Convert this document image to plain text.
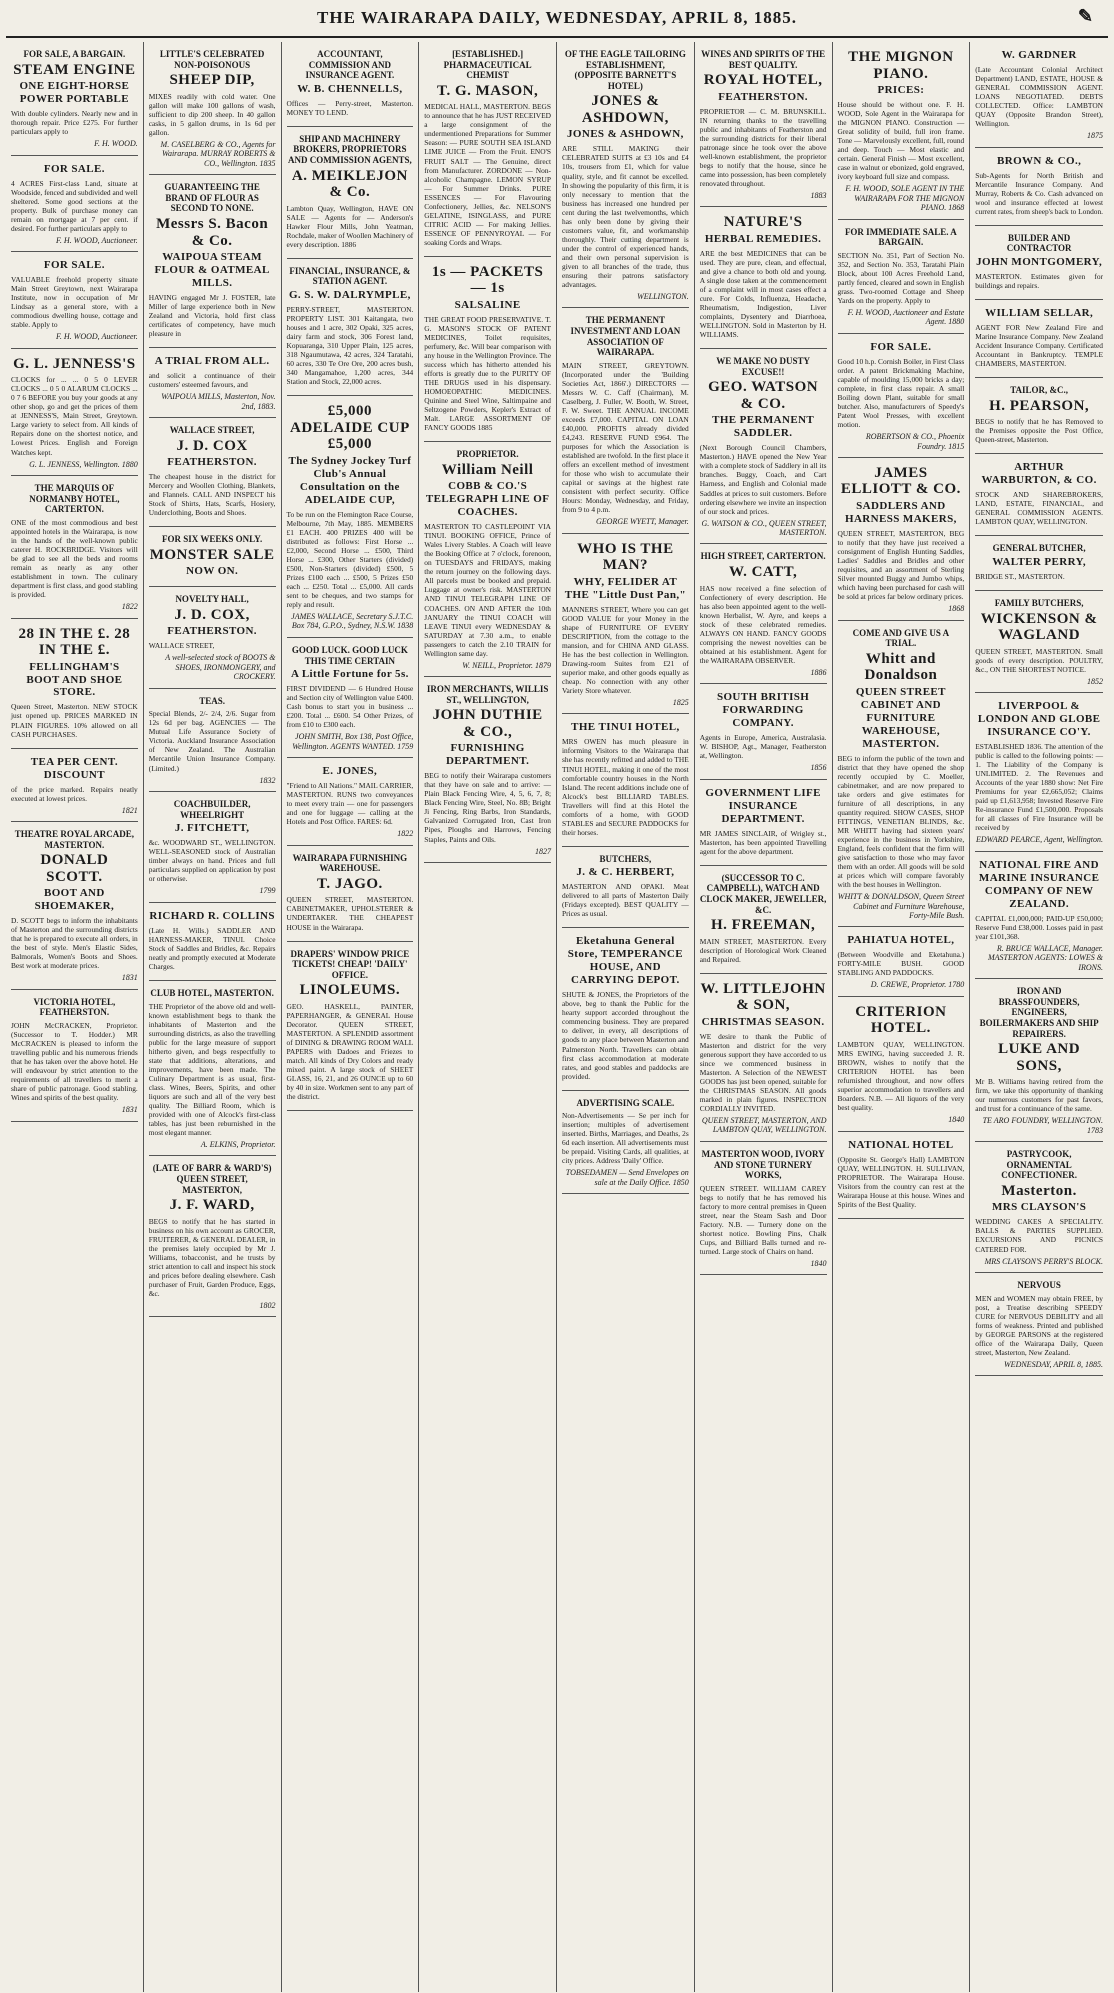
THE WAIRARAPA DAILY, WEDNESDAY, APRIL 8, 1885.	✎
FOR SALE, A BARGAIN.
STEAM ENGINE
ONE EIGHT-HORSE POWER PORTABLE
With double cylinders. Nearly new and in thorough repair. Price £275. For further particulars apply to
F. H. WOOD.
FOR SALE.
4 ACRES First-class Land, situate at Woodside, fenced and subdivided and well sheltered. Some good sections at the property. Bulk of purchase money can remain on mortgage at 7 per cent. if desired. For further particulars apply to
F. H. WOOD, Auctioneer.
FOR SALE.
VALUABLE freehold property situate Main Street Greytown, next Wairarapa Institute, now in occupation of Mr Lindsay as a general store, with a commodious dwelling house, cottage and stable. Apply to
F. H. WOOD, Auctioneer.
G. L. JENNESS'S
CLOCKS for ... ... 0 5 0 LEVER CLOCKS ... 0 5 0 ALARUM CLOCKS ... 0 7 6 BEFORE you buy your goods at any other shop, go and get the prices of them at JENNESS'S, Main Street, Greytown. Large variety to select from. All kinds of Repairs done on the shortest notice, and Lowest Prices. English and Foreign Watches kept.
G. L. JENNESS, Wellington. 1880
THE MARQUIS OF NORMANBY HOTEL, CARTERTON.
ONE of the most commodious and best appointed hotels in the Wairarapa, is now in the hands of the well-known public caterer H. ROCKBRIDGE. Visitors will be glad to see all the beds and rooms remain as nearly as any other establishment in town. The culinary department is first class, and good stabling is provided.
1822
28 IN THE £. 28 IN THE £.
FELLINGHAM'S BOOT AND SHOE STORE.
Queen Street, Masterton. NEW STOCK just opened up. PRICES MARKED IN PLAIN FIGURES. 10% allowed on all CASH PURCHASES.
TEA PER CENT. DISCOUNT
of the price marked. Repairs neatly executed at lowest prices.
1821
THEATRE ROYAL ARCADE, MASTERTON.
DONALD SCOTT.
BOOT AND SHOEMAKER,
D. SCOTT begs to inform the inhabitants of Masterton and the surrounding districts that he is prepared to execute all orders, in the best of style. Men's Elastic Sides, Balmorals, Women's Boots and Shoes. Best work at moderate prices.
1831
VICTORIA HOTEL, FEATHERSTON.
JOHN McCRACKEN, Proprietor. (Successor to T. Hodder.) MR McCRACKEN is pleased to inform the travelling public and his numerous friends that he has taken over the above hotel. He will endeavour by strict attention to the requirements of all travellers to merit a share of public patronage. Good stabling. Wines and spirits of the best quality.
1831
LITTLE'S CELEBRATED NON-POISONOUS
SHEEP DIP,
MIXES readily with cold water. One gallon will make 100 gallons of wash, sufficient to dip 200 sheep. In 40 gallon casks, in 5 gallon drums, in 1s 6d per gallon.
M. CASELBERG & CO., Agents for Wairarapa. MURRAY ROBERTS & CO., Wellington. 1835
GUARANTEEING THE BRAND OF FLOUR AS SECOND TO NONE.
Messrs S. Bacon & Co.
WAIPOUA STEAM FLOUR & OATMEAL MILLS.
HAVING engaged Mr J. FOSTER, late Miller of large experience both in New Zealand and Victoria, hold first class certificates of competency, have much pleasure in
A TRIAL FROM ALL.
and solicit a continuance of their customers' esteemed favours, and
WAIPOUA MILLS, Masterton, Nov. 2nd, 1883.
WALLACE STREET,
J. D. COX
FEATHERSTON.
The cheapest house in the district for Mercery and Woollen Clothing, Blankets, and Flannels. CALL AND INSPECT his Stock of Shirts, Hats, Scarfs, Hosiery, Underclothing, Boots and Shoes.
FOR SIX WEEKS ONLY.
MONSTER SALE
NOW ON.
NOVELTY HALL,
J. D. COX,
FEATHERSTON.
WALLACE STREET,
A well-selected stock of BOOTS & SHOES, IRONMONGERY, and CROCKERY.
TEAS.
Special Blends, 2/- 2/4, 2/6. Sugar from 12s 6d per bag. AGENCIES — The Mutual Life Assurance Society of Victoria. Auckland Insurance Association of New Zealand. The Australian Mercantile Union Insurance Company. (Limited.)
1832
COACHBUILDER, WHEELRIGHT
J. FITCHETT,
&c. WOODWARD ST., WELLINGTON. WELL-SEASONED stock of Australian timber always on hand. Prices and full particulars supplied on application by post or otherwise.
1799
RICHARD R. COLLINS
(Late H. Wills.) SADDLER AND HARNESS-MAKER, TINUI. Choice Stock of Saddles and Bridles, &c. Repairs neatly and promptly executed at Moderate Charges.
CLUB HOTEL, MASTERTON.
THE Proprietor of the above old and well-known establishment begs to thank the inhabitants of Masterton and the surrounding districts, as also the travelling public for the large measure of support hitherto given, and begs respectfully to state that additions, alterations, and improvements, have been made. The Culinary Department is as usual, first-class. Wines, Beers, Spirits, and other liquors are such and all of the very best quality. The Billiard Room, which is provided with one of Alcock's first-class tables, has just been reburnished in the most elegant manner.
A. ELKINS, Proprietor.
(LATE OF BARR & WARD'S) QUEEN STREET, MASTERTON,
J. F. WARD,
BEGS to notify that he has started in business on his own account as GROCER, FRUITERER, & GENERAL DEALER, in the premises lately occupied by Mr J. Williams, tobacconist, and he trusts by strict attention to call and inspect his stock and prices before dealing elsewhere. Cash purchaser of Fruit, Garden Produce, Eggs, &c.
1802
ACCOUNTANT, COMMISSION AND INSURANCE AGENT.
W. B. CHENNELLS,
Offices — Perry-street, Masterton. MONEY TO LEND.
SHIP AND MACHINERY BROKERS, PROPRIETORS AND COMMISSION AGENTS,
A. MEIKLEJON & Co.
Lambton Quay, Wellington, HAVE ON SALE — Agents for — Anderson's Hawker Flour Mills, John Yeatman, Rochdale, maker of Woollen Machinery of every description. 1886
FINANCIAL, INSURANCE, & STATION AGENT.
G. S. W. DALRYMPLE,
PERRY-STREET, MASTERTON. PROPERTY LIST. 301 Kaitangata, two houses and 1 acre, 302 Opaki, 325 acres, dairy farm and stock, 306 Forest land, Kopuaranga, 310 Upper Plain, 125 acres, 318 Ngaumutawa, 42 acres, 324 Taratahi, 60 acres, 330 Te Ore Ore, 200 acres bush, 340 Mangamahoe, 1,200 acres, 344 Station and Stock, 22,000 acres.
£5,000 ADELAIDE CUP £5,000
The Sydney Jockey Turf Club's Annual Consultation on the ADELAIDE CUP,
To be run on the Flemington Race Course, Melbourne, 7th May, 1885. MEMBERS £1 EACH. 400 PRIZES 400 will be distributed as follows: First Horse ... £2,000, Second Horse ... £500, Third Horse ... £300, Other Starters (divided) £500, Non-Starters (divided) £500, 5 Prizes £100 each ... £500, 5 Prizes £50 each ... £250. Total ... £5,000. All cards sent to be cheques, and two stamps for reply and result.
JAMES WALLACE, Secretary S.J.T.C. Box 784, G.P.O., Sydney, N.S.W. 1838
GOOD LUCK. GOOD LUCK THIS TIME CERTAIN
A Little Fortune for 5s.
FIRST DIVIDEND — 6 Hundred House and Section city of Wellington value £400. Cash bonus to start you in business ... £200. Total ... £600. 54 Other Prizes, of from £10 to £300 each.
JOHN SMITH, Box 138, Post Office, Wellington. AGENTS WANTED. 1759
E. JONES,
"Friend to All Nations." MAIL CARRIER, MASTERTON. RUNS two conveyances to meet every train — one for passengers and one for luggage — calling at the Hotels and Post Office. FARES: 6d.
1822
WAIRARAPA FURNISHING WAREHOUSE.
T. JAGO.
QUEEN STREET, MASTERTON. CABINETMAKER, UPHOLSTERER & UNDERTAKER. THE CHEAPEST HOUSE in the Wairarapa.
DRAPERS' WINDOW PRICE TICKETS! CHEAP! 'DAILY' OFFICE.
LINOLEUMS.
GEO. HASKELL, PAINTER, PAPERHANGER, & GENERAL House Decorator. QUEEN STREET, MASTERTON. A SPLENDID assortment of DINING & DRAWING ROOM WALL PAPERS with Dadoes and Friezes to match. All kinds of Dry Colors and ready mixed paint. A large stock of SHEET GLASS, 16, 21, and 26 OUNCE up to 60 by 40 in size. Workmen sent to any part of the district.
[ESTABLISHED.] PHARMACEUTICAL CHEMIST
T. G. MASON,
MEDICAL HALL, MASTERTON. BEGS to announce that he has JUST RECEIVED a large consignment of the undermentioned Preparations for Summer Season: — PURE SOUTH SEA ISLAND LIME JUICE — From the Fruit. ENO'S FRUIT SALT — The Genuine, direct from Manufacturer. ZORDONE — Non-alcoholic Champagne. LEMON SYRUP — For Summer Drinks. PURE ESSENCES — For Flavouring Confectionery, Jellies, &c. NELSON'S GELATINE, ISINGLASS, and PURE CITRIC ACID — For making Jellies. ESSENCE OF PENNYROYAL — For soaking Cords and Wraps.
1s — PACKETS — 1s
SALSALINE
THE GREAT FOOD PRESERVATIVE. T. G. MASON'S STOCK OF PATENT MEDICINES, Toilet requisites, perfumery, &c. Will bear comparison with any house in the Wellington Province. The success which has hitherto attended his efforts is greatly due to the PURITY OF THE DRUGS used in his dispensary. HOMOEOPATHIC MEDICINES. Quinine and Steel Wine, Saltimpaine and Seltzogene Powders, Kepler's Extract of Malt. LARGE ASSORTMENT OF FANCY GOODS 1885
PROPRIETOR.
William Neill
COBB & CO.'S TELEGRAPH LINE OF COACHES.
MASTERTON TO CASTLEPOINT VIA TINUI. BOOKING OFFICE, Prince of Wales Livery Stables. A Coach will leave the Booking Office at 7 o'clock, forenoon, on TUESDAYS and FRIDAYS, making the return journey on the following days. All parcels must be booked and prepaid. Luggage at owner's risk. MASTERTON AND TINUI TELEGRAPH LINE OF COACHES. ON AND AFTER the 10th JANUARY the TINUI COACH will LEAVE TINUI every WEDNESDAY & SATURDAY at 7.30 a.m., to enable passengers to catch the 2.10 TRAIN for Wellington same day.
W. NEILL, Proprietor. 1879
IRON MERCHANTS, WILLIS ST., WELLINGTON,
JOHN DUTHIE & CO.,
FURNISHING DEPARTMENT.
BEG to notify their Wairarapa customers that they have on sale and to arrive: — Plain Black Fencing Wire, 4, 5, 6, 7, 8; Black Fencing Wire, Steel, No. 8B; Bright Ji Fencing, Ring Barbs, Iron Standards, Galvanized Corrugated Iron, Cast Iron Pipes, Ploughs and Harrows, Fencing Staples, Paints and Oils.
1827
OF THE EAGLE TAILORING ESTABLISHMENT, (OPPOSITE BARNETT'S HOTEL)
JONES & ASHDOWN,
JONES & ASHDOWN,
ARE STILL MAKING their CELEBRATED SUITS at £3 10s and £4 10s, trousers from £1, which for value quality, style, and fit cannot be excelled. In showing the popularity of this firm, it is only necessary to mention that the business has increased one hundred per cent during the last twelvemonths, which has only been done by giving their customers value, fit, and workmanship thoroughly. Their cutting department is under the control of experienced hands, and their own personal supervision is given to all branches of the trade, thus ensuring their patrons satisfactory advantages.
WELLINGTON.
THE PERMANENT INVESTMENT AND LOAN ASSOCIATION OF WAIRARAPA.
MAIN STREET, GREYTOWN. (Incorporated under the 'Building Societies Act, 1866'.) DIRECTORS — Messrs W. C. Caff (Chairman), M. Caselberg, J. Fuller, W. Booth, W. Street, F. W. Sweet. THE ANNUAL INCOME exceeds £7,000. CAPITAL ON LOAN £40,000. PROFITS already divided £4,243. RESERVE FUND £964. The purposes for which the Association is established are twofold. In the first place it offers an excellent method of investment for those who wish to accumulate their capital or savings at the highest rate consistent with perfect security. Office Hours: Monday, Wednesday, and Friday, from 9 to 4 p.m.
GEORGE WYETT, Manager.
WHO IS THE MAN?
WHY, FELIDER AT THE "Little Dust Pan,"
MANNERS STREET, Where you can get GOOD VALUE for your Money in the shape of FURNITURE OF EVERY DESCRIPTION, from the cottage to the mansion, and for CHINA AND GLASS. He has the best collection in Wellington. Drawing-room Suites from £21 of superior make, and other goods equally as cheap. No connection with any other Variety Store whatever.
1825
THE TINUI HOTEL,
MRS OWEN has much pleasure in informing Visitors to the Wairarapa that she has recently refitted and added to THE TINUI HOTEL, making it one of the most comfortable country houses in the North Island. The recent additions include one of Alcock's best BILLIARD TABLES. Travellers will find at this Hotel the comforts of a home, with GOOD STABLES and SECURE PADDOCKS for their horses.
BUTCHERS,
J. & C. HERBERT,
MASTERTON AND OPAKI. Meat delivered to all parts of Masterton Daily (Fridays excepted). BEST QUALITY — Prices as usual.
Eketahuna General Store, TEMPERANCE HOUSE, AND CARRYING DEPOT.
SHUTE & JONES, the Proprietors of the above, beg to thank the Public for the hearty support accorded throughout the commencing business. They are prepared to deliver, in every, all descriptions of goods to any place between Masterton and Palmerston North. Travellers can obtain first class accommodation at moderate rates, and good stables and paddocks are provided.
ADVERTISING SCALE.
Non-Advertisements — Se per inch for insertion; multiples of advertisement inserted. Births, Marriages, and Deaths, 2s 6d each insertion. All advertisements must be prepaid. Visiting Cards, all qualities, at city prices. Address 'Daily' Office.
TOBSEDAMEN — Send Envelopes on sale at the Daily Office. 1850
WINES AND SPIRITS OF THE BEST QUALITY.
ROYAL HOTEL,
FEATHERSTON.
PROPRIETOR — C. M. BRUNSKILL. IN returning thanks to the travelling public and inhabitants of Featherston and the surrounding districts for their liberal patronage since he took over the above well-known establishment, the proprietor begs to notify that the house, since he came into possession, has been completely renovated throughout.
1883
NATURE'S
HERBAL REMEDIES.
ARE the best MEDICINES that can be used. They are pure, clean, and effectual, and give a chance to both old and young. A single dose taken at the commencement of a complaint will in most cases effect a cure. For Colds, Influenza, Headache, Rheumatism, Indigestion, Liver complaints, Dysentery and Diarrhoea, WELLINGTON. Sold in Masterton by H. WILLIAMS.
WE MAKE NO DUSTY EXCUSE!!
GEO. WATSON & CO.
THE PERMANENT SADDLER.
(Next Borough Council Chambers, Masterton.) HAVE opened the New Year with a complete stock of Saddlery in all its branches. Buggy, Coach, and Cart Harness, and English and Colonial made Saddles at prices to suit customers. Before ordering elsewhere we invite an inspection of our stock and prices.
G. WATSON & CO., QUEEN STREET, MASTERTON.
HIGH STREET, CARTERTON.
W. CATT,
HAS now received a fine selection of Confectionery of every description. He has also been appointed agent to the well-known Herbalist, W. Ayre, and keeps a stock of these celebrated remedies. ALWAYS ON HAND. FANCY GOODS comprising the newest novelties can be obtained at his establishment. Agent for the WAIRARAPA OBSERVER.
1886
SOUTH BRITISH FORWARDING COMPANY.
Agents in Europe, America, Australasia. W. BISHOP, Agt., Manager, Featherston at, Wellington.
1856
GOVERNMENT LIFE INSURANCE DEPARTMENT.
MR JAMES SINCLAIR, of Wrigley st., Masterton, has been appointed Travelling agent for the above department.
(SUCCESSOR TO C. CAMPBELL), WATCH AND CLOCK MAKER, JEWELLER, &C.
H. FREEMAN,
MAIN STREET, MASTERTON. Every description of Horological Work Cleaned and Repaired.
W. LITTLEJOHN & SON,
CHRISTMAS SEASON.
WE desire to thank the Public of Masterton and district for the very generous support they have accorded to us since we commenced business in Masterton. A Selection of the NEWEST GOODS has just been opened, suitable for the CHRISTMAS SEASON. All goods marked in plain figures. INSPECTION CORDIALLY INVITED.
QUEEN STREET, MASTERTON, AND LAMBTON QUAY, WELLINGTON.
MASTERTON WOOD, IVORY AND STONE TURNERY WORKS,
QUEEN STREET. WILLIAM CAREY begs to notify that he has removed his factory to more central premises in Queen street, near the Steam Sash and Door Factory. N.B. — Turnery done on the shortest notice. Bowling Pins, Chalk Cups, and Billiard Balls turned and re-turned. Large stock of Chairs on hand.
1840
THE MIGNON PIANO.
PRICES:
House should be without one. F. H. WOOD, Sole Agent in the Wairarapa for the MIGNON PIANO. Construction — Great solidity of build, full iron frame. Tone — Marvelously excellent, full, round and deep. Touch — Most elastic and certain. General Finish — Most excellent, case in walnut or ebonized, gold engraved, ivory keyboard full size and compass.
F. H. WOOD, SOLE AGENT IN THE WAIRARAPA FOR THE MIGNON PIANO. 1868
FOR IMMEDIATE SALE. A BARGAIN.
SECTION No. 351, Part of Section No. 352, and Section No. 353, Taratahi Plain Block, about 100 Acres Freehold Land, partly fenced, cleared and sown in English grass. Two-roomed Cottage and Sheep Yards on the property. Apply to
F. H. WOOD, Auctioneer and Estate Agent. 1880
FOR SALE.
Good 10 h.p. Cornish Boiler, in First Class order. A patent Brickmaking Machine, capable of moulding 15,000 bricks a day; complete, in first class repair. A small Boiling down Plant, suitable for small butcher. Also, manufacturers of Speedy's Patent Wool Presses, with excellent motion.
ROBERTSON & CO., Phoenix Foundry. 1815
JAMES ELLIOTT & CO.
SADDLERS AND HARNESS MAKERS,
QUEEN STREET, MASTERTON, BEG to notify that they have just received a consignment of English Hunting Saddles, Ladies' Saddles and Bridles and other requisites, and an assortment of Sterling Silver mounted Buggy and Jumbo whips, which having been purchased for cash will be sold at prices far below ordinary prices.
1868
COME AND GIVE US A TRIAL.
Whitt and Donaldson
QUEEN STREET CABINET AND FURNITURE WAREHOUSE, MASTERTON.
BEG to inform the public of the town and district that they have opened the shop recently occupied by C. Moeller, cabinetmaker, and are now prepared to take orders and give estimates for furniture of all descriptions, in any quantity required. SHOW CASES, SHOP FITTINGS, VENETIAN BLINDS, &c. MR WHITT having had sixteen years' experience in the business in Yorkshire, England, feels confident that the firm will give satisfaction to those who may favor them with an order. All goods will be sold at prices which will compare favorably with the best houses in Wellington.
WHITT & DONALDSON, Queen Street Cabinet and Furniture Warehouse, Forty-Mile Bush.
PAHIATUA HOTEL,
(Between Woodville and Eketahuna.) FORTY-MILE BUSH. GOOD STABLING AND PADDOCKS.
D. CREWE, Proprietor. 1780
CRITERION HOTEL.
LAMBTON QUAY, WELLINGTON. MRS EWING, having succeeded J. R. BROWN, wishes to notify that the CRITERION HOTEL has been refurnished throughout, and now offers superior accommodation to travellers and Boarders. N.B. — All liquors of the very best quality.
1840
NATIONAL HOTEL
(Opposite St. George's Hall) LAMBTON QUAY, WELLINGTON. H. SULLIVAN, PROPRIETOR. The Wairarapa House. Visitors from the country can rest at the Wairarapa House at this house. Wines and Spirits of the Best Quality.
W. GARDNER
(Late Accountant Colonial Architect Department) LAND, ESTATE, HOUSE & GENERAL COMMISSION AGENT. LOANS NEGOTIATED. DEBTS COLLECTED. Office: LAMBTON QUAY (Opposite Brandon Street), Wellington.
1875
BROWN & CO.,
Sub-Agents for North British and Mercantile Insurance Company. And Murray, Roberts & Co. Cash advanced on wool and insurance effected at lowest current rates, from sheep's back to London.
BUILDER AND CONTRACTOR
JOHN MONTGOMERY,
MASTERTON. Estimates given for buildings and repairs.
WILLIAM SELLAR,
AGENT FOR New Zealand Fire and Marine Insurance Company. New Zealand Accident Insurance Company. Certificated Accountant in Bankruptcy. TEMPLE CHAMBERS, MASTERTON.
TAILOR, &C.,
H. PEARSON,
BEGS to notify that he has Removed to the Premises opposite the Post Office, Queen-street, Masterton.
ARTHUR WARBURTON, & CO.
STOCK AND SHAREBROKERS, LAND, ESTATE, FINANCIAL, and GENERAL COMMISSION AGENTS. LAMBTON QUAY, WELLINGTON.
GENERAL BUTCHER,
WALTER PERRY,
BRIDGE ST., MASTERTON.
FAMILY BUTCHERS,
WICKENSON & WAGLAND
QUEEN STREET, MASTERTON. Small goods of every description. POULTRY, &c., ON THE SHORTEST NOTICE.
1852
LIVERPOOL & LONDON AND GLOBE INSURANCE CO'Y.
ESTABLISHED 1836. The attention of the public is called to the following points: — 1. The Liability of the Company is UNLIMITED. 2. The Revenues and Accounts of the year 1880 show: Net Fire Premiums for year £2,665,052; Claims paid up £1,613,958; Invested Reserve Fire Re-insurance Fund £1,500,000. Proposals for all classes of Fire Insurance will be received by
EDWARD PEARCE, Agent, Wellington.
NATIONAL FIRE AND MARINE INSURANCE COMPANY OF NEW ZEALAND.
CAPITAL £1,000,000; PAID-UP £50,000; Reserve Fund £38,000. Losses paid in past year £101,368.
R. BRUCE WALLACE, Manager. MASTERTON AGENTS: LOWES & IRONS.
IRON AND BRASSFOUNDERS, ENGINEERS, BOILERMAKERS AND SHIP REPAIRERS.
LUKE AND SONS,
Mr B. Williams having retired from the firm, we take this opportunity of thanking our numerous customers for past favors, and trust for a continuance of the same.
TE ARO FOUNDRY, WELLINGTON. 1783
PASTRYCOOK, ORNAMENTAL CONFECTIONER.
Masterton.
MRS CLAYSON'S
WEDDING CAKES A SPECIALITY. BALLS & PARTIES SUPPLIED. EXCURSIONS AND PICNICS CATERED FOR.
MRS CLAYSON'S PERRY'S BLOCK.
NERVOUS
MEN and WOMEN may obtain FREE, by post, a Treatise describing SPEEDY CURE for NERVOUS DEBILITY and all forms of weakness. Printed and published by GEORGE PARSONS at the registered office of the Wairarapa Daily, Queen street, Masterton, New Zealand.
WEDNESDAY, APRIL 8, 1885.
